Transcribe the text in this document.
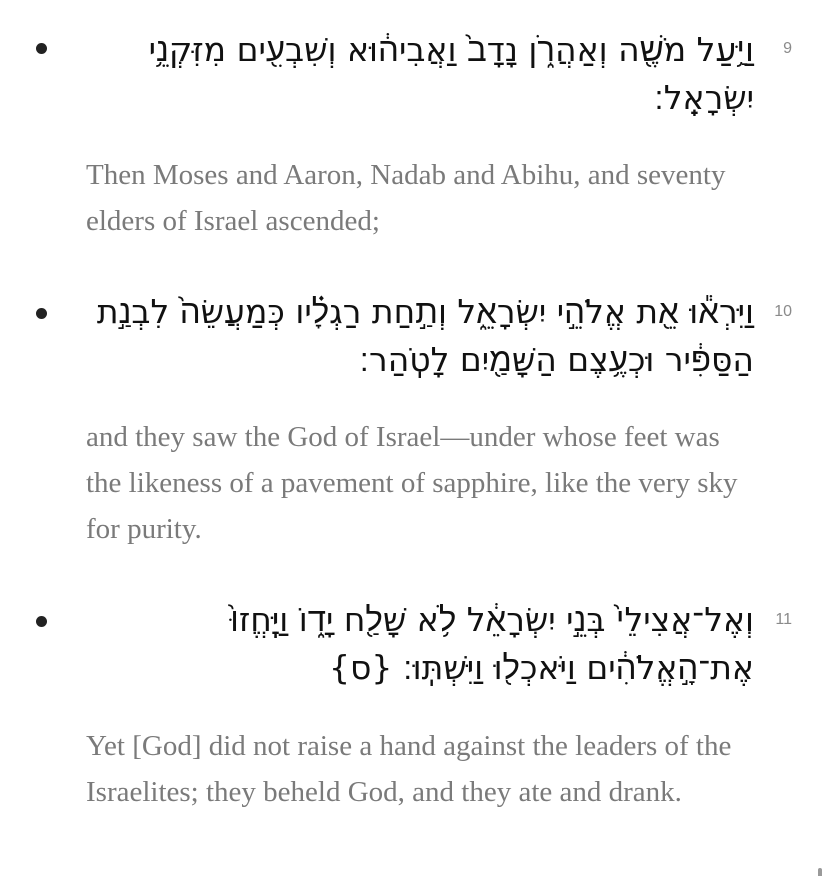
וַיַּ֥עַל מֹשֶׁ֖ה וְאַהֲרֹ֑ן נָדָב֙ וַאֲבִיה֔וּא וְשִׁבְעִ֖ים מִזִּקְנֵ֥י יִשְׂרָאֵֽל׃
9
Then Moses and Aaron, Nadab and Abihu, and seventy elders of Israel ascended;
וַיִּרְא֕וּ אֵ֖ת אֱלֹהֵ֣י יִשְׂרָאֵ֑ל וְתַ֣חַת רַגְלָ֗יו כְּמַעֲשֵׂה֙ לִבְנַ֣ת הַסַּפִּ֔יר וּכְעֶ֥צֶם הַשָּׁמַ֖יִם לָטֹֽהַר׃
10
and they saw the God of Israel—under whose feet was the likeness of a pavement of sapphire, like the very sky for purity.
וְאֶל־אֲצִילֵי֙ בְּנֵ֣י יִשְׂרָאֵ֔ל לֹ֥א שָׁלַ֖ח יָד֑וֹ וַיֶּֽחֱזוּ֙ אֶת־הָ֣אֱלֹהִ֔ים וַיֹּאכְל֖וּ וַיִּשְׁתּֽוּ׃ {ס}
11
Yet [God] did not raise a hand against the leaders of the Israelites; they beheld God, and they ate and drank.
